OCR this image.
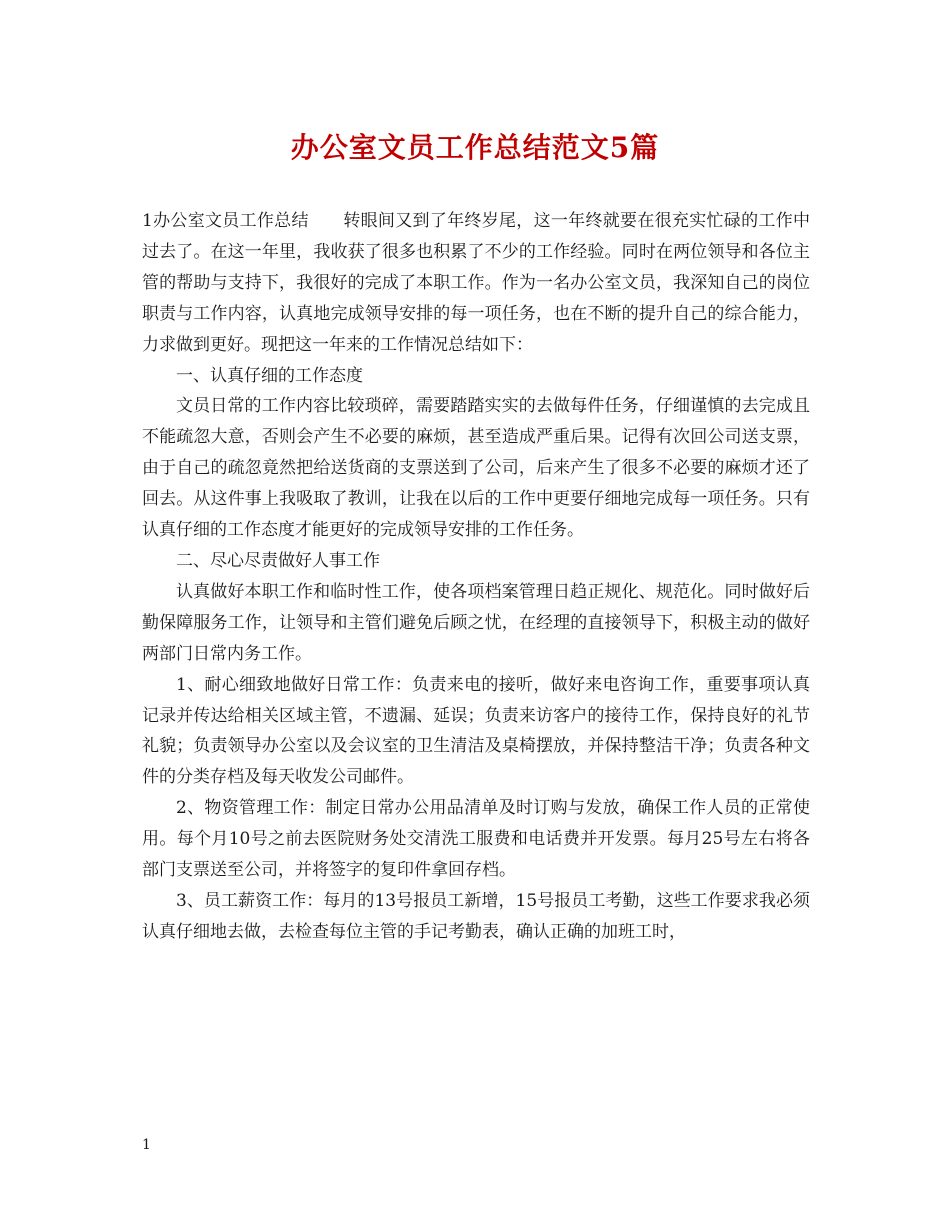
办公室文员工作总结范文5篇

1办公室文员工作总结　　转眼间又到了年终岁尾，这一年终就要在很充实忙碌的工作中过去了。在这一年里，我收获了很多也积累了不少的工作经验。同时在两位领导和各位主管的帮助与支持下，我很好的完成了本职工作。作为一名办公室文员，我深知自己的岗位职责与工作内容，认真地完成领导安排的每一项任务，也在不断的提升自己的综合能力，力求做到更好。现把这一年来的工作情况总结如下：

一、认真仔细的工作态度

文员日常的工作内容比较琐碎，需要踏踏实实的去做每件任务，仔细谨慎的去完成且不能疏忽大意，否则会产生不必要的麻烦，甚至造成严重后果。记得有次回公司送支票，由于自己的疏忽竟然把给送货商的支票送到了公司，后来产生了很多不必要的麻烦才还了回去。从这件事上我吸取了教训，让我在以后的工作中更要仔细地完成每一项任务。只有认真仔细的工作态度才能更好的完成领导安排的工作任务。

二、尽心尽责做好人事工作

认真做好本职工作和临时性工作，使各项档案管理日趋正规化、规范化。同时做好后勤保障服务工作，让领导和主管们避免后顾之忧，在经理的直接领导下，积极主动的做好两部门日常内务工作。

1、耐心细致地做好日常工作：负责来电的接听，做好来电咨询工作，重要事项认真记录并传达给相关区域主管，不遗漏、延误；负责来访客户的接待工作，保持良好的礼节礼貌；负责领导办公室以及会议室的卫生清洁及桌椅摆放，并保持整洁干净；负责各种文件的分类存档及每天收发公司邮件。

2、物资管理工作：制定日常办公用品清单及时订购与发放，确保工作人员的正常使用。每个月10号之前去医院财务处交清洗工服费和电话费并开发票。每月25号左右将各部门支票送至公司，并将签字的复印件拿回存档。

3、员工薪资工作：每月的13号报员工新增，15号报员工考勤，这些工作要求我必须认真仔细地去做，去检查每位主管的手记考勤表，确认正确的加班工时，

1
